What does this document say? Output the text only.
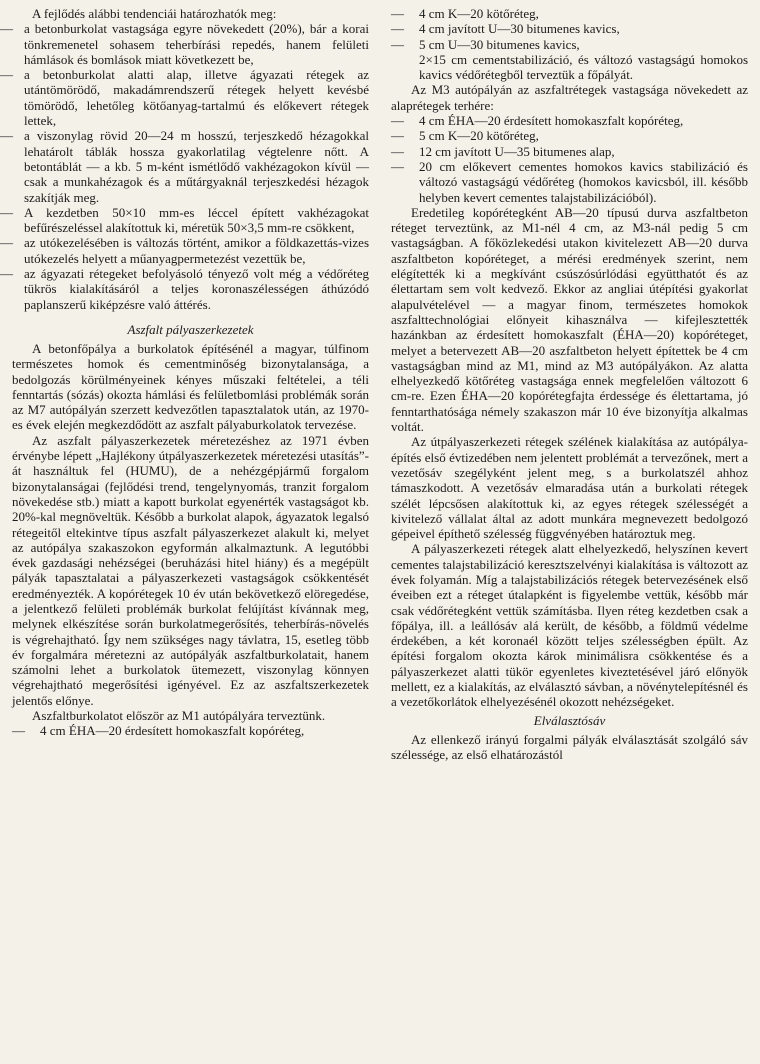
A fejlődés alábbi tendenciái határozhatók meg:

— a betonburkolat vastagsága egyre növekedett (20%), bár a korai tönkremenetel sohasem teherbírási repedés, hanem felületi hámlások és bomlások miatt következett be,
— a betonburkolat alatti alap, illetve ágyazati rétegek az utántömörödő, makadámrendszerű rétegek helyett kevésbé tömörödő, lehetőleg kötőanyag-tartalmú és előkevert rétegek lettek,
— a viszonylag rövid 20—24 m hosszú, terjeszkedő hézagokkal lehatárolt táblák hossza gyakorlatilag végtelenre nőtt. A betontáblát — a kb. 5 m-ként ismétlődő vakhézagokon kívül — csak a munkahézagok és a műtárgyaknál terjeszkedési hézagok szakítják meg.
— A kezdetben 50×10 mm-es léccel épített vakhézagokat befűrészeléssel alakítottuk ki, méretük 50×3,5 mm-re csökkent,
— az utókezelésében is változás történt, amikor a földkazettás-vizes utókezelés helyett a műanyagpermetezést vezettük be,
— az ágyazati rétegeket befolyásoló tényező volt még a védőréteg tükrös kialakításáról a teljes koronaszélességen áthúzódó paplanszerű kiképzésre való áttérés.
Aszfalt pályaszerkezetek

A betonfőpálya a burkolatok építésénél a magyar, túlfinom természetes homok és cementminőség bizonytalansága, a bedolgozás körülményeinek kényes műszaki feltételei, a téli fenntartás (sózás) okozta hámlási és felületbomlási problémák során az M7 autópályán szerzett kedvezőtlen tapasztalatok után, az 1970-es évek elején megkezdődött az aszfalt pályaburkolatok tervezése.

Az aszfalt pályaszerkezetek méretezéshez az 1971 évben érvénybe lépett „Hajlékony útpályaszerkezetek méretezési utasítás”-át használtuk fel (HUMU), de a nehézgépjármű forgalom bizonytalanságai (fejlődési trend, tengelynyomás, tranzit forgalom növekedése stb.) miatt a kapott burkolat egyenérték vastagságot kb. 20%-kal megnöveltük. Később a burkolat alapok, ágyazatok legalsó rétegeitől eltekintve típus aszfalt pályaszerkezet alakult ki, melyet az autópálya szakaszokon egyformán alkalmaztunk. A legutóbbi évek gazdasági nehézségei (beruházási hitel hiány) és a megépült pályák tapasztalatai a pályaszerkezeti vastagságok csökkentését eredményezték. A kopórétegek 10 év után bekövetkező elöregedése, a jelentkező felületi problémák burkolat felújítást kívánnak meg, melynek elkészítése során burkolatmegerősítés, teherbírás-növelés is végrehajtható. Így nem szükséges nagy távlatra, 15, esetleg több év forgalmára méretezni az autópályák aszfaltburkolatait, hanem számolni lehet a burkolatok ütemezett, viszonylag könnyen végrehajtható megerősítési igényével. Ez az aszfaltszerkezetek jelentős előnye.

Aszfaltburkolatot először az M1 autópályára terveztünk.

— 4 cm ÉHA—20 érdesített homokaszfalt kopóréteg,
— 4 cm K—20 kötőréteg,
— 4 cm javított U—30 bitumenes kavics,
— 5 cm U—30 bitumenes kavics,

2×15 cm cementstabilizáció, és változó vastagságú homokos kavics védőrétegből terveztük a főpályát.

Az M3 autópályán az aszfaltrétegek vastagsága növekedett az alaprétegek terhére:

— 4 cm ÉHA—20 érdesített homokaszfalt kopóréteg,
— 5 cm K—20 kötőréteg,
— 12 cm javított U—35 bitumenes alap,
— 20 cm előkevert cementes homokos kavics stabilizáció és változó vastagságú védőréteg (homokos kavicsból, ill. később helyben kevert cementes talajstabilizációból).

Eredetileg kopórétegként AB—20 típusú durva aszfaltbeton réteget terveztünk, az M1-nél 4 cm, az M3-nál pedig 5 cm vastagságban. A főközlekedési utakon kivitelezett AB—20 durva aszfaltbeton kopóréteget, a mérési eredmények szerint, nem elégítették ki a megkívánt csúszósúrlódási együtthatót és az élettartam sem volt kedvező. Ekkor az angliai útépítési gyakorlat alapulvételével — a magyar finom, természetes homokok aszfalttechnológiai előnyeit kihasználva — kifejlesztették hazánkban az érdesített homokaszfalt (ÉHA—20) kopóréteget, melyet a betervezett AB—20 aszfaltbeton helyett építettek be 4 cm vastagságban mind az M1, mind az M3 autópályákon. Az alatta elhelyezkedő kötőréteg vastagsága ennek megfelelően változott 6 cm-re. Ezen ÉHA—20 kopórétegfajta érdessége és élettartama, jó fenntarthatósága némely szakaszon már 10 éve bizonyítja alkalmas voltát.

Az útpályaszerkezeti rétegek szélének kialakítása az autópálya-építés első évtizedében nem jelentett problémát a tervezőnek, mert a vezetősáv szegélyként jelent meg, s a burkolatszél ahhoz támaszkodott. A vezetősáv elmaradása után a burkolati rétegek szélét lépcsősen alakítottuk ki, az egyes rétegek szélességét a kivitelező vállalat által az adott munkára megnevezett bedolgozó gépeivel építhető szélesség függvényében határoztuk meg.

A pályaszerkezeti rétegek alatt elhelyezkedő, helyszínen kevert cementes talajstabilizáció keresztszelvényi kialakítása is változott az évek folyamán. Míg a talajstabilizációs rétegek betervezésének első éveiben ezt a réteget útalapként is figyelembe vettük, később már csak védőrétegként vettük számításba. Ilyen réteg kezdetben csak a főpálya, ill. a leállósáv alá került, de később, a földmű védelme érdekében, a két koronaél között teljes szélességben épült. Az építési forgalom okozta károk minimálisra csökkentése és a pályaszerkezet alatti tükör egyenletes kiveztetésével járó előnyök mellett, ez a kialakítás, az elválasztó sávban, a növénytelepítésnél és a vezetőkorlátok elhelyezésénél okozott nehézségeket.

Elválasztósáv

Az ellenkező irányú forgalmi pályák elválasztását szolgáló sáv szélessége, az első elhatározástól
